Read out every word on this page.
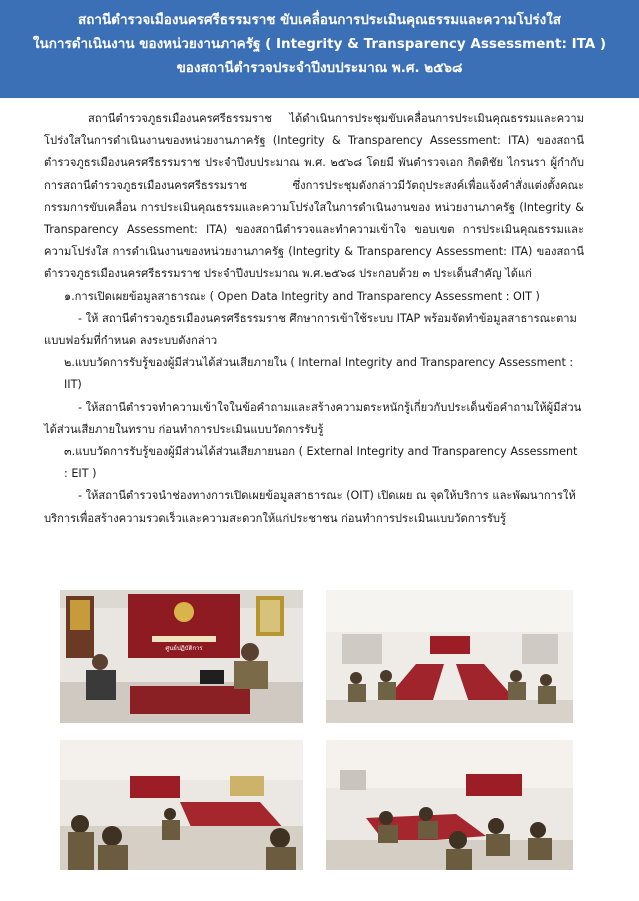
สถานีตำรวจเมืองนครศรีธรรมราช ขับเคลื่อนการประเมินคุณธรรมและความโปร่งใส
ในการดำเนินงาน ของหน่วยงานภาครัฐ ( Integrity & Transparency Assessment: ITA )
ของสถานีตำรวจประจำปีงบประมาณ พ.ศ. ๒๕๖๘

สถานีตำรวจภูธรเมืองนครศรีธรรมราช ได้ดำเนินการประชุมขับเคลื่อนการประเมินคุณธรรมและความโปร่งใสในการดำเนินงานของหน่วยงานภาครัฐ (Integrity & Transparency Assessment: ITA) ของสถานีตำรวจภูธรเมืองนครศรีธรรมราช ประจำปีงบประมาณ พ.ศ. ๒๕๖๘ โดยมี พันตำรวจเอก กิตติชัย ไกรนรา ผู้กำกับการสถานีตำรวจภูธรเมืองนครศรีธรรมราช ซึ่งการประชุมดังกล่าวมีวัตถุประสงค์เพื่อแจ้งคำสั่งแต่งตั้งคณะกรรมการขับเคลื่อน การประเมินคุณธรรมและความโปร่งใสในการดำเนินงานของ หน่วยงานภาครัฐ (Integrity & Transparency Assessment: ITA) ของสถานีตำรวจและทำความเข้าใจ ขอบเขต การประเมินคุณธรรมและความโปร่งใส การดำเนินงานของหน่วยงานภาครัฐ (Integrity & Transparency Assessment: ITA) ของสถานีตำรวจภูธรเมืองนครศรีธรรมราช ประจำปีงบประมาณ พ.ศ.๒๕๖๘ ประกอบด้วย ๓ ประเด็นสำคัญ ได้แก่

๑.การเปิดเผยข้อมูลสาธารณะ ( Open Data Integrity and Transparency Assessment : OIT )

- ให้ สถานีตำรวจภูธรเมืองนครศรีธรรมราช ศึกษาการเข้าใช้ระบบ ITAP พร้อมจัดทำข้อมูลสาธารณะตาม แบบฟอร์มที่กำหนด ลงระบบดังกล่าว

๒.แบบวัดการรับรู้ของผู้มีส่วนได้ส่วนเสียภายใน ( Internal Integrity and Transparency Assessment : IIT)

- ให้สถานีตำรวจทำความเข้าใจในข้อคำถามและสร้างความตระหนักรู้เกี่ยวกับประเด็นข้อคำถามให้ผู้มีส่วนได้ส่วนเสียภายในทราบ ก่อนทำการประเมินแบบวัดการรับรู้

๓.แบบวัดการรับรู้ของผู้มีส่วนได้ส่วนเสียภายนอก ( External Integrity and Transparency Assessment : EIT )

- ให้สถานีตำรวจนำช่องทางการเปิดเผยข้อมูลสาธารณะ (OIT) เปิดเผย ณ จุดให้บริการ และพัฒนาการให้บริการเพื่อสร้างความรวดเร็วและความสะดวกให้แก่ประชาชน ก่อนทำการประเมินแบบวัดการรับรู้

ศูนย์ปฏิบัติการ
